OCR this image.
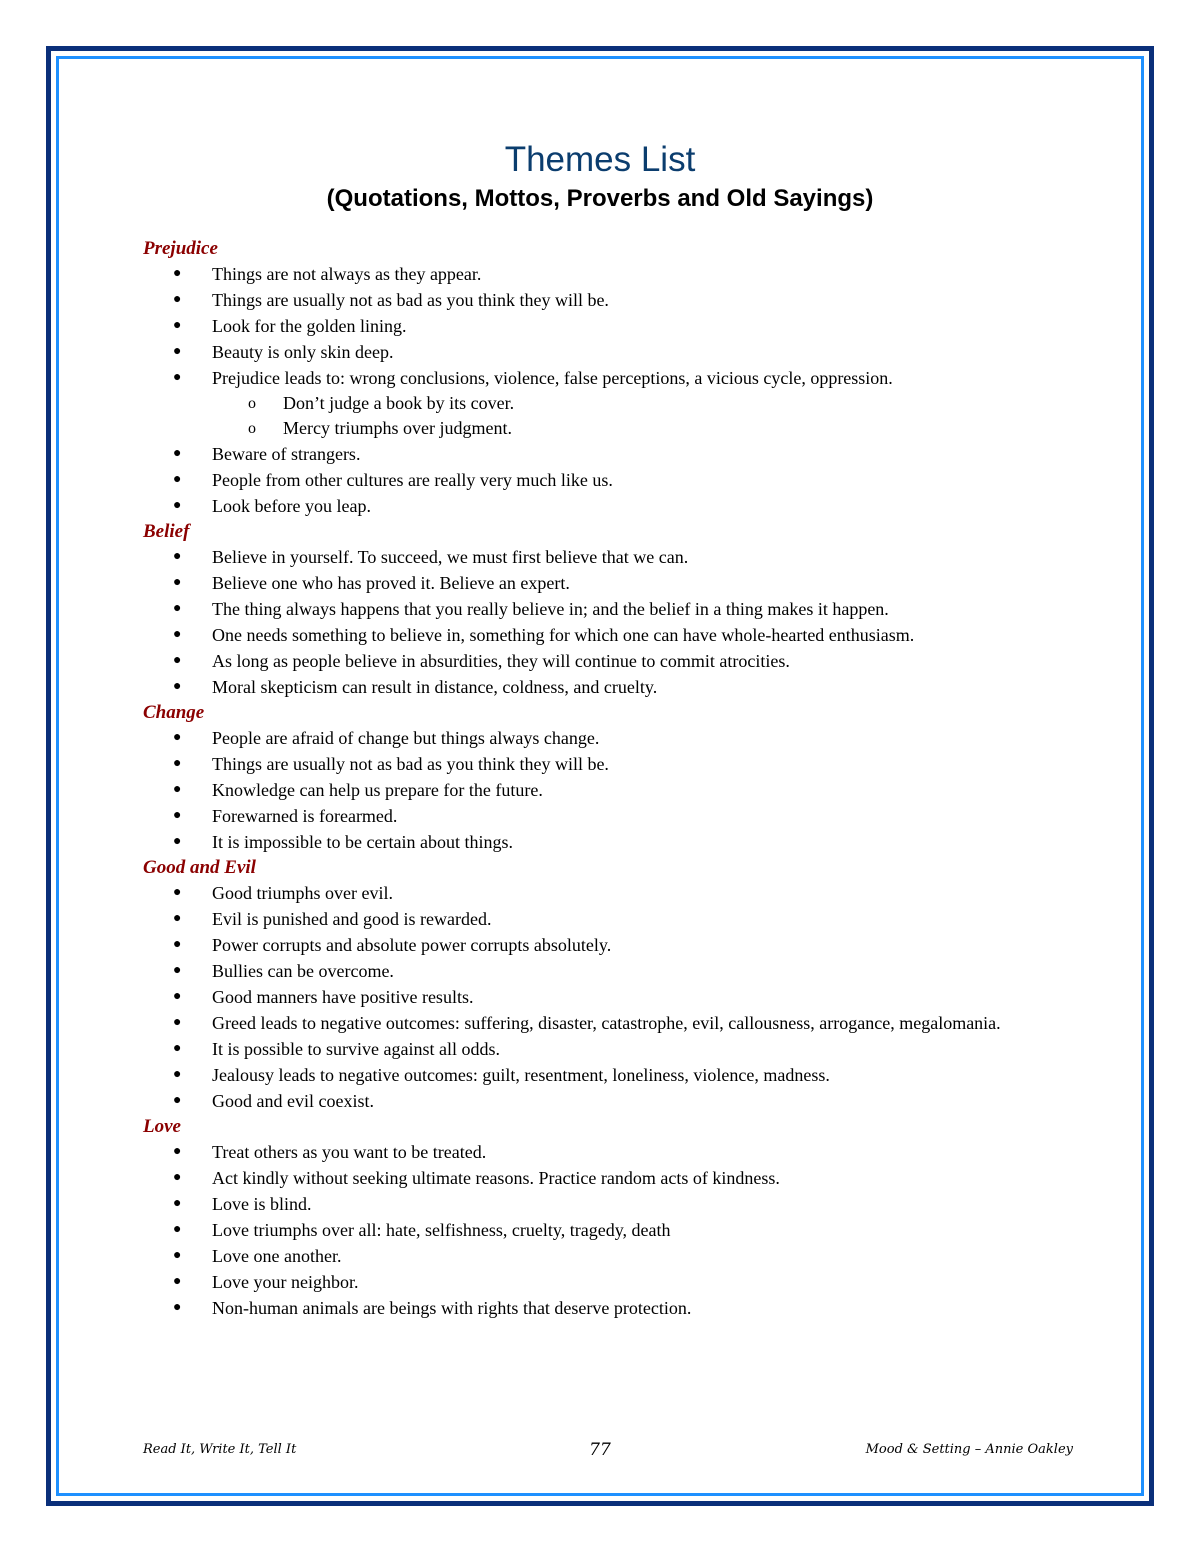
Themes List
(Quotations, Mottos, Proverbs and Old Sayings)
Prejudice
● Things are not always as they appear.
● Things are usually not as bad as you think they will be.
● Look for the golden lining.
● Beauty is only skin deep.
● Prejudice leads to: wrong conclusions, violence, false perceptions, a vicious cycle, oppression.
o Don’t judge a book by its cover.
o Mercy triumphs over judgment.
● Beware of strangers.
● People from other cultures are really very much like us.
● Look before you leap.
Belief
● Believe in yourself. To succeed, we must first believe that we can.
● Believe one who has proved it. Believe an expert.
● The thing always happens that you really believe in; and the belief in a thing makes it happen.
● One needs something to believe in, something for which one can have whole-hearted enthusiasm.
● As long as people believe in absurdities, they will continue to commit atrocities.
● Moral skepticism can result in distance, coldness, and cruelty.
Change
● People are afraid of change but things always change.
● Things are usually not as bad as you think they will be.
● Knowledge can help us prepare for the future.
● Forewarned is forearmed.
● It is impossible to be certain about things.
Good and Evil
● Good triumphs over evil.
● Evil is punished and good is rewarded.
● Power corrupts and absolute power corrupts absolutely.
● Bullies can be overcome.
● Good manners have positive results.
● Greed leads to negative outcomes: suffering, disaster, catastrophe, evil, callousness, arrogance, megalomania.
● It is possible to survive against all odds.
● Jealousy leads to negative outcomes: guilt, resentment, loneliness, violence, madness.
● Good and evil coexist.
Love
● Treat others as you want to be treated.
● Act kindly without seeking ultimate reasons. Practice random acts of kindness.
● Love is blind.
● Love triumphs over all: hate, selfishness, cruelty, tragedy, death
● Love one another.
● Love your neighbor.
● Non-human animals are beings with rights that deserve protection.
Read It, Write It, Tell It	77	Mood & Setting – Annie Oakley
